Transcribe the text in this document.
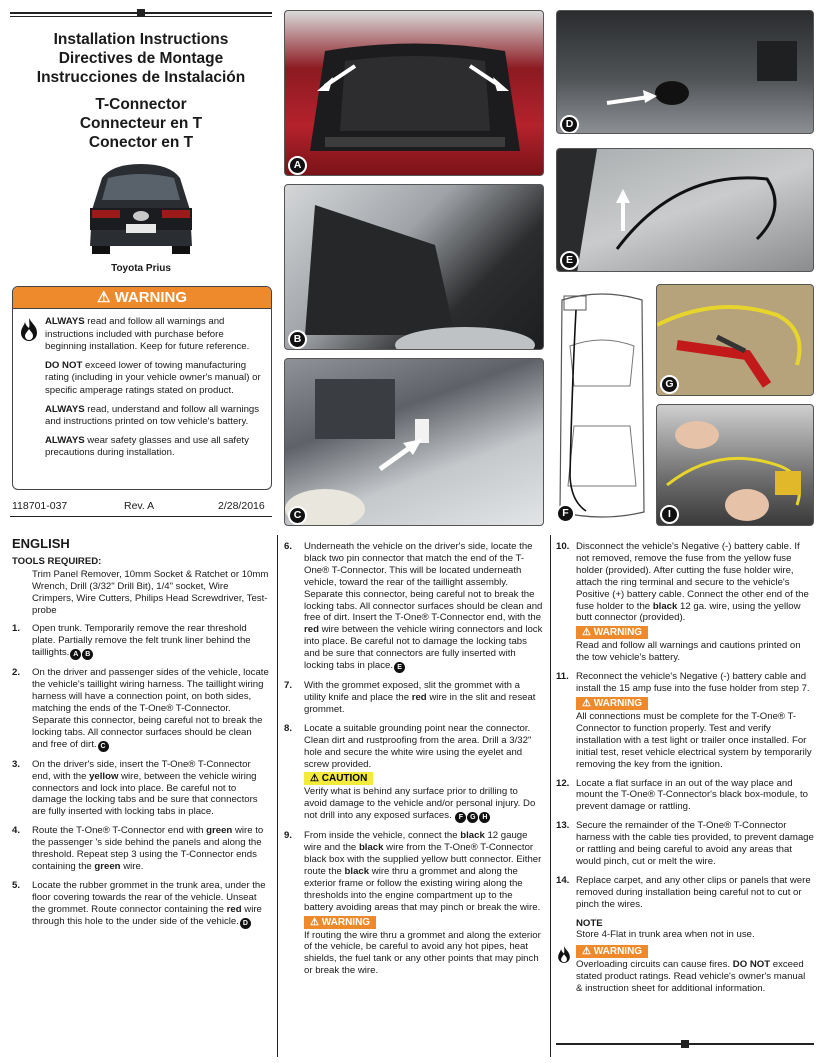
Installation Instructions
Directives de Montage
Instrucciones de Instalación
T-Connector
Connecteur en T
Conector en T
Toyota Prius
⚠ WARNING

ALWAYS read and follow all warnings and instructions included with purchase before beginning installation. Keep for future reference.

DO NOT exceed lower of towing manufacturing rating (including in your vehicle owner's manual) or specific amperage ratings stated on product.

ALWAYS read, understand and follow all warnings and instructions printed on tow vehicle's battery.

ALWAYS wear safety glasses and use all safety precautions during installation.

118701-037	Rev. A	2/28/2016
A
B
C
D
E
F
G
I
ENGLISH
TOOLS REQUIRED:
Trim Panel Remover, 10mm Socket & Ratchet or 10mm Wrench, Drill (3/32" Drill Bit), 1/4" socket, Wire Crimpers, Wire Cutters, Philips Head Screwdriver, Test-probe
1. Open trunk. Temporarily remove the rear threshold plate. Partially remove the felt trunk liner behind the taillights. A B
2. On the driver and passenger sides of the vehicle, locate the vehicle's taillight wiring harness. The taillight wiring harness will have a connection point, on both sides, matching the ends of the T-One® T-Connector. Separate this connector, being careful not to break the locking tabs. All connector surfaces should be clean and free of dirt. C
3. On the driver's side, insert the T-One® T-Connector end, with the yellow wire, between the vehicle wiring connectors and lock into place. Be careful not to damage the locking tabs and be sure that connectors are fully inserted with locking tabs in place.
4. Route the T-One® T-Connector end with green wire to the passenger 's side behind the panels and along the threshold. Repeat step 3 using the T-Connector ends containing the green wire.
5. Locate the rubber grommet in the trunk area, under the floor covering towards the rear of the vehicle. Unseat the grommet. Route connector containing the red wire through this hole to the under side of the vehicle. D
6. Underneath the vehicle on the driver's side, locate the black two pin connector that match the end of the T-One® T-Connector. This will be located underneath vehicle, toward the rear of the taillight assembly. Separate this connector, being careful not to break the locking tabs. All connector surfaces should be clean and free of dirt. Insert the T-One® T-Connector end, with the red wire between the vehicle wiring connectors and lock into place. Be careful not to damage the locking tabs and be sure that connectors are fully inserted with locking tabs in place. E
7. With the grommet exposed, slit the grommet with a utility knife and place the red wire in the slit and reseat grommet.
8. Locate a suitable grounding point near the connector. Clean dirt and rustproofing from the area. Drill a 3/32" hole and secure the white wire using the eyelet and screw provided.
⚠ CAUTION
Verify what is behind any surface prior to drilling to avoid damage to the vehicle and/or personal injury. Do not drill into any exposed surfaces. F G H
9. From inside the vehicle, connect the black 12 gauge wire and the black wire from the T-One® T-Connector black box with the supplied yellow butt connector. Either route the black wire thru a grommet and along the exterior frame or follow the existing wiring along the thresholds into the engine compartment up to the battery avoiding areas that may pinch or break the wire.
⚠ WARNING
If routing the wire thru a grommet and along the exterior of the vehicle, be careful to avoid any hot pipes, heat shields, the fuel tank or any other points that may pinch or break the wire.
10. Disconnect the vehicle's Negative (-) battery cable. If not removed, remove the fuse from the yellow fuse holder (provided). After cutting the fuse holder wire, attach the ring terminal and secure to the vehicle's Positive (+) battery cable. Connect the other end of the fuse holder to the black 12 ga. wire, using the yellow butt connector (provided).
⚠ WARNING
Read and follow all warnings and cautions printed on the tow vehicle's battery.
11. Reconnect the vehicle's Negative (-) battery cable and install the 15 amp fuse into the fuse holder from step 7.
⚠ WARNING
All connections must be complete for the T-One® T-Connector to function properly. Test and verify installation with a test light or trailer once installed. For initial test, reset vehicle electrical system by temporarily removing the key from the ignition.
12. Locate a flat surface in an out of the way place and mount the T-One® T-Connector's black box-module, to prevent damage or rattling.
13. Secure the remainder of the T-One® T-Connector harness with the cable ties provided, to prevent damage or rattling and being careful to avoid any areas that would pinch, cut or melt the wire.
14. Replace carpet, and any other clips or panels that were removed during installation being careful not to cut or pinch the wires.
NOTE
Store 4-Flat in trunk area when not in use.
⚠ WARNING
Overloading circuits can cause fires. DO NOT exceed stated product ratings. Read vehicle's owner's manual & instruction sheet for additional information.
